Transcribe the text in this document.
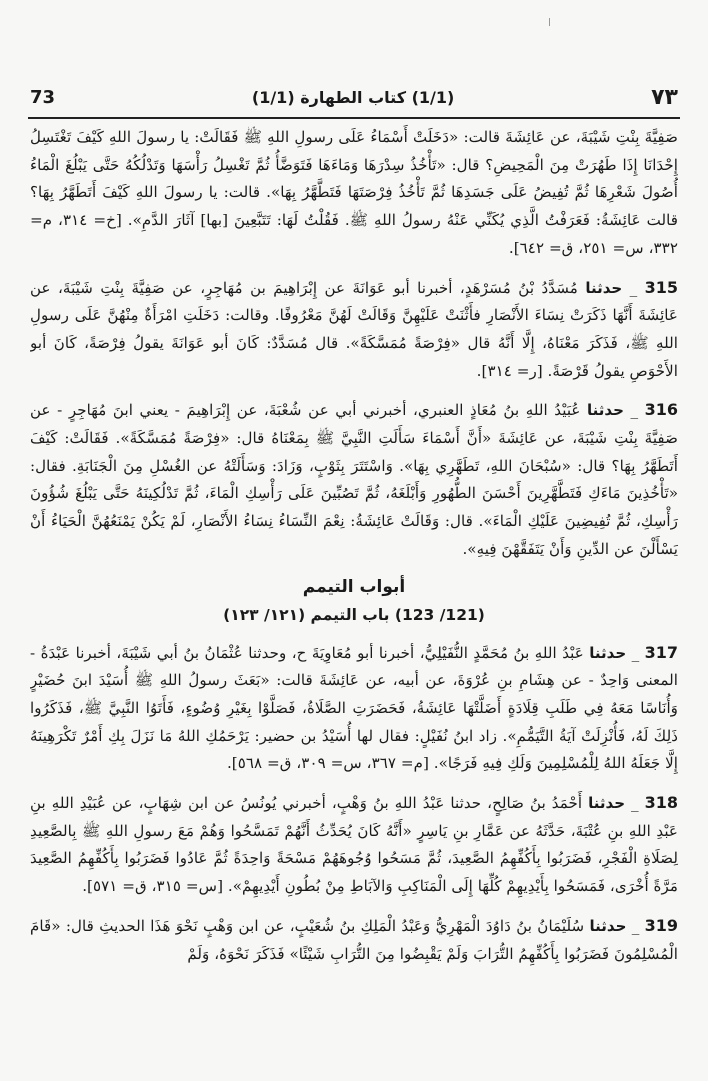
73	(1/1) كتاب الطهارة (1/1)	٧٣

صَفِيَّةَ بِنْتِ شَيْبَةَ، عن عَائِشَةَ قالت: «دَخَلَتْ أَسْمَاءُ عَلَى رسولِ اللهِ ﷺ فَقَالَتْ: يا رسولَ اللهِ كَيْفَ تَغْتَسِلُ إِحْدَانَا إِذَا طَهُرَتْ مِنَ الْمَحِيضِ؟ قال: «تَأْخُذُ سِدْرَهَا وَمَاءَهَا فَتَوَضَّأُ ثُمَّ تَغْسِلُ رَأْسَهَا وَتَدْلُكُهُ حَتَّى يَبْلُغَ الْمَاءُ أُصُولَ شَعْرِهَا ثُمَّ تُفِيضُ عَلَى جَسَدِهَا ثُمَّ تَأْخُذُ فِرْصَتَهَا فَتَطَّهَّرُ بِهَا». قالت: يا رسولَ اللهِ كَيْفَ أَتَطَهَّرُ بِهَا؟ قالت عَائِشَةُ: فَعَرَفْتُ الَّذِي يُكَنِّي عَنْهُ رسولُ اللهِ ﷺ. فَقُلْتُ لَهَا: تَتَبَّعِينَ [بها] آثَارَ الدَّمِ». [خ= ٣١٤، م= ٣٣٢، س= ٢٥١، ق= ٦٤٢].

315 _ حدثنا مُسَدَّدُ بْنُ مُسَرْهَدٍ، أخبرنا أبو عَوَانَةَ عن إِبْرَاهِيمَ بن مُهَاجِرٍ، عن صَفِيَّةَ بِنْتِ شَيْبَةَ، عن عَائِشَةَ أَنَّهَا ذَكَرَتْ نِسَاءَ الأَنْصَارِ فأَثْنَتْ عَلَيْهِنَّ وَقَالَتْ لَهُنَّ مَعْرُوفًا. وقالت: دَخَلَتِ امْرَأَةٌ مِنْهُنَّ عَلَى رسولِ اللهِ ﷺ، فَذَكَرَ مَعْنَاهُ، إِلَّا أَنَّهُ قال «فِرْصَةً مُمَسَّكَةً». قال مُسَدَّدٌ: كَانَ أبو عَوَانَةَ يقولُ فِرْصَةً، كَانَ أبو الأَحْوَصِ يقولُ قَرْصَةً. [ر= ٣١٤].

316 _ حدثنا عُبَيْدُ اللهِ بنُ مُعَاذٍ العنبري، أخبرني أبي عن شُعْبَةَ، عن إِبْرَاهِيمَ - يعني ابنَ مُهَاجِرٍ - عن صَفِيَّةَ بِنْتِ شَيْبَةَ، عن عَائِشَةَ «أَنَّ أَسْمَاءَ سَأَلَتِ النَّبِيَّ ﷺ بِمَعْنَاهُ قال: «فِرْصَةً مُمَسَّكَةً». فَقَالَتْ: كَيْفَ أَتَطَهَّرُ بِهَا؟ قال: «سُبْحَانَ اللهِ، تَطَهَّرِي بِهَا». وَاسْتَتَرَ بِثَوْبٍ، وَزَادَ: وَسَأَلَتْهُ عن الغُسْلِ مِنَ الْجَنَابَةِ. فقال: «تَأْخُذِينَ مَاءَكِ فَتَطَّهَّرِينَ أَحْسَنَ الطُّهُورِ وَأَبْلَغَهُ، ثُمَّ تَصُبِّينَ عَلَى رَأْسِكِ الْمَاءَ، ثُمَّ تَدْلُكِينَهُ حَتَّى يَبْلُغَ شُؤُونَ رَأْسِكِ، ثُمَّ تُفِيضِينَ عَلَيْكِ الْمَاءَ». قال: وَقَالَتْ عَائِشَةُ: نِعْمَ النِّسَاءُ نِسَاءُ الأَنْصَارِ، لَمْ يَكُنْ يَمْنَعُهُنَّ الْحَيَاءُ أَنْ يَسْأَلْنَ عن الدِّينِ وَأَنْ يَتَفَقَّهْنَ فِيهِ».

أبواب التيمم
(121/ 123) باب التيمم (١٢١/ ١٢٣)

317 _ حدثنا عَبْدُ اللهِ بنُ مُحَمَّدٍ النُّفَيْلِيُّ، أخبرنا أبو مُعَاوِيَةَ ح، وحدثنا عُثْمَانُ بنُ أبي شَيْبَةَ، أخبرنا عَبْدَةُ - المعنى وَاحِدٌ - عن هِشَامِ بنِ عُرْوَةَ، عن أبيه، عن عَائِشَةَ قالت: «بَعَثَ رسولُ اللهِ ﷺ أُسَيْدَ ابنَ حُضَيْرٍ وَأُنَاسًا مَعَهُ فِي طَلَبِ قِلَادَةٍ أَضَلَّتْهَا عَائِشَةُ، فَحَضَرَتِ الصَّلَاةُ، فَصَلَّوْا بِغَيْرِ وُضُوءٍ، فَأَتَوُا النَّبِيَّ ﷺ، فَذَكَرُوا ذَلِكَ لَهُ، فَأُنْزِلَتْ آيَةُ التَّيَمُّمِ». زاد ابنُ نُفَيْلٍ: فقال لها أُسَيْدُ بن حضير: يَرْحَمُكِ اللهُ مَا نَزَلَ بِكِ أَمْرٌ تَكْرَهِينَهُ إِلَّا جَعَلَهُ اللهُ لِلْمُسْلِمِينَ وَلَكِ فِيهِ فَرَجًا». [م= ٣٦٧، س= ٣٠٩، ق= ٥٦٨].

318 _ حدثنا أَحْمَدُ بنُ صَالِحٍ، حدثنا عَبْدُ اللهِ بنُ وَهْبٍ، أخبرني يُونُسُ عن ابن شِهَابٍ، عن عُبَيْدِ اللهِ بنِ عَبْدِ اللهِ بنِ عُتْبَةَ، حَدَّثَهُ عن عَمَّارِ بنِ يَاسِرٍ «أَنَّهُ كَانَ يُحَدِّثُ أَنَّهُمْ تَمَسَّحُوا وَهُمْ مَعَ رسولِ اللهِ ﷺ بِالصَّعِيدِ لِصَلَاةِ الْفَجْرِ، فَضَرَبُوا بِأَكُفِّهِمُ الصَّعِيدَ، ثُمَّ مَسَحُوا وُجُوهَهُمْ مَسْحَةً وَاحِدَةً ثُمَّ عَادُوا فَضَرَبُوا بِأَكُفِّهِمُ الصَّعِيدَ مَرَّةً أُخْرَى، فَمَسَحُوا بِأَيْدِيهِمْ كُلِّهَا إِلَى الْمَنَاكِبِ وَالآبَاطِ مِنْ بُطُونِ أَيْدِيهِمْ». [س= ٣١٥، ق= ٥٧١].

319 _ حدثنا سُلَيْمَانُ بنُ دَاوُدَ الْمَهْرِيُّ وَعَبْدُ الْمَلِكِ بنُ شُعَيْبٍ، عن ابن وَهْبٍ نَحْوَ هَذَا الحديثِ قال: «قَامَ الْمُسْلِمُونَ فَضَرَبُوا بِأَكُفِّهِمُ التُّرَابَ وَلَمْ يَقْبِضُوا مِنَ التُّرَابِ شَيْئًا» فَذَكَرَ نَحْوَهُ، وَلَمْ
